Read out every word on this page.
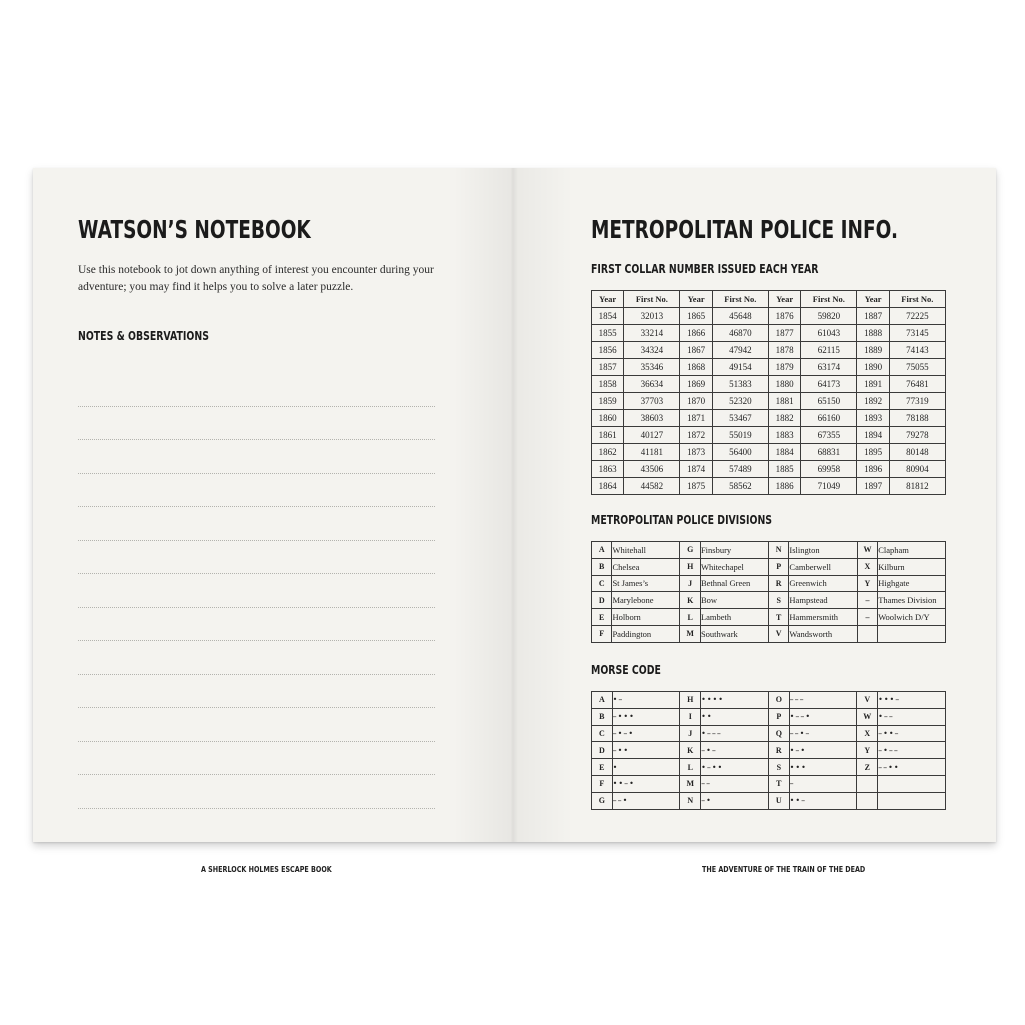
WATSON’S NOTEBOOK

Use this notebook to jot down anything of interest you encounter during your adventure; you may find it helps you to solve a later puzzle.

NOTES & OBSERVATIONS
METROPOLITAN POLICE INFO.
FIRST COLLAR NUMBER ISSUED EACH YEAR
Year	First No.	Year	First No.	Year	First No.	Year	First No.
1854	32013	1865	45648	1876	59820	1887	72225
1855	33214	1866	46870	1877	61043	1888	73145
1856	34324	1867	47942	1878	62115	1889	74143
1857	35346	1868	49154	1879	63174	1890	75055
1858	36634	1869	51383	1880	64173	1891	76481
1859	37703	1870	52320	1881	65150	1892	77319
1860	38603	1871	53467	1882	66160	1893	78188
1861	40127	1872	55019	1883	67355	1894	79278
1862	41181	1873	56400	1884	68831	1895	80148
1863	43506	1874	57489	1885	69958	1896	80904
1864	44582	1875	58562	1886	71049	1897	81812
METROPOLITAN POLICE DIVISIONS
A	Whitehall	G	Finsbury	N	Islington	W	Clapham
B	Chelsea	H	Whitechapel	P	Camberwell	X	Kilburn
C	St James’s	J	Bethnal Green	R	Greenwich	Y	Highgate
D	Marylebone	K	Bow	S	Hampstead	–	Thames Division
E	Holborn	L	Lambeth	T	Hammersmith	–	Woolwich D/Y
F	Paddington	M	Southwark	V	Wandsworth		
MORSE CODE
A	•–	H	••••	O	–––	V	•••–
B	–•••	I	••	P	•––•	W	•––
C	–•–•	J	•–––	Q	––•–	X	–••–
D	–••	K	–•–	R	•–•	Y	–•––
E	•	L	•–••	S	•••	Z	––••
F	••–•	M	––	T	–		
G	––•	N	–•	U	••–		

A SHERLOCK HOLMES ESCAPE BOOK	THE ADVENTURE OF THE TRAIN OF THE DEAD
